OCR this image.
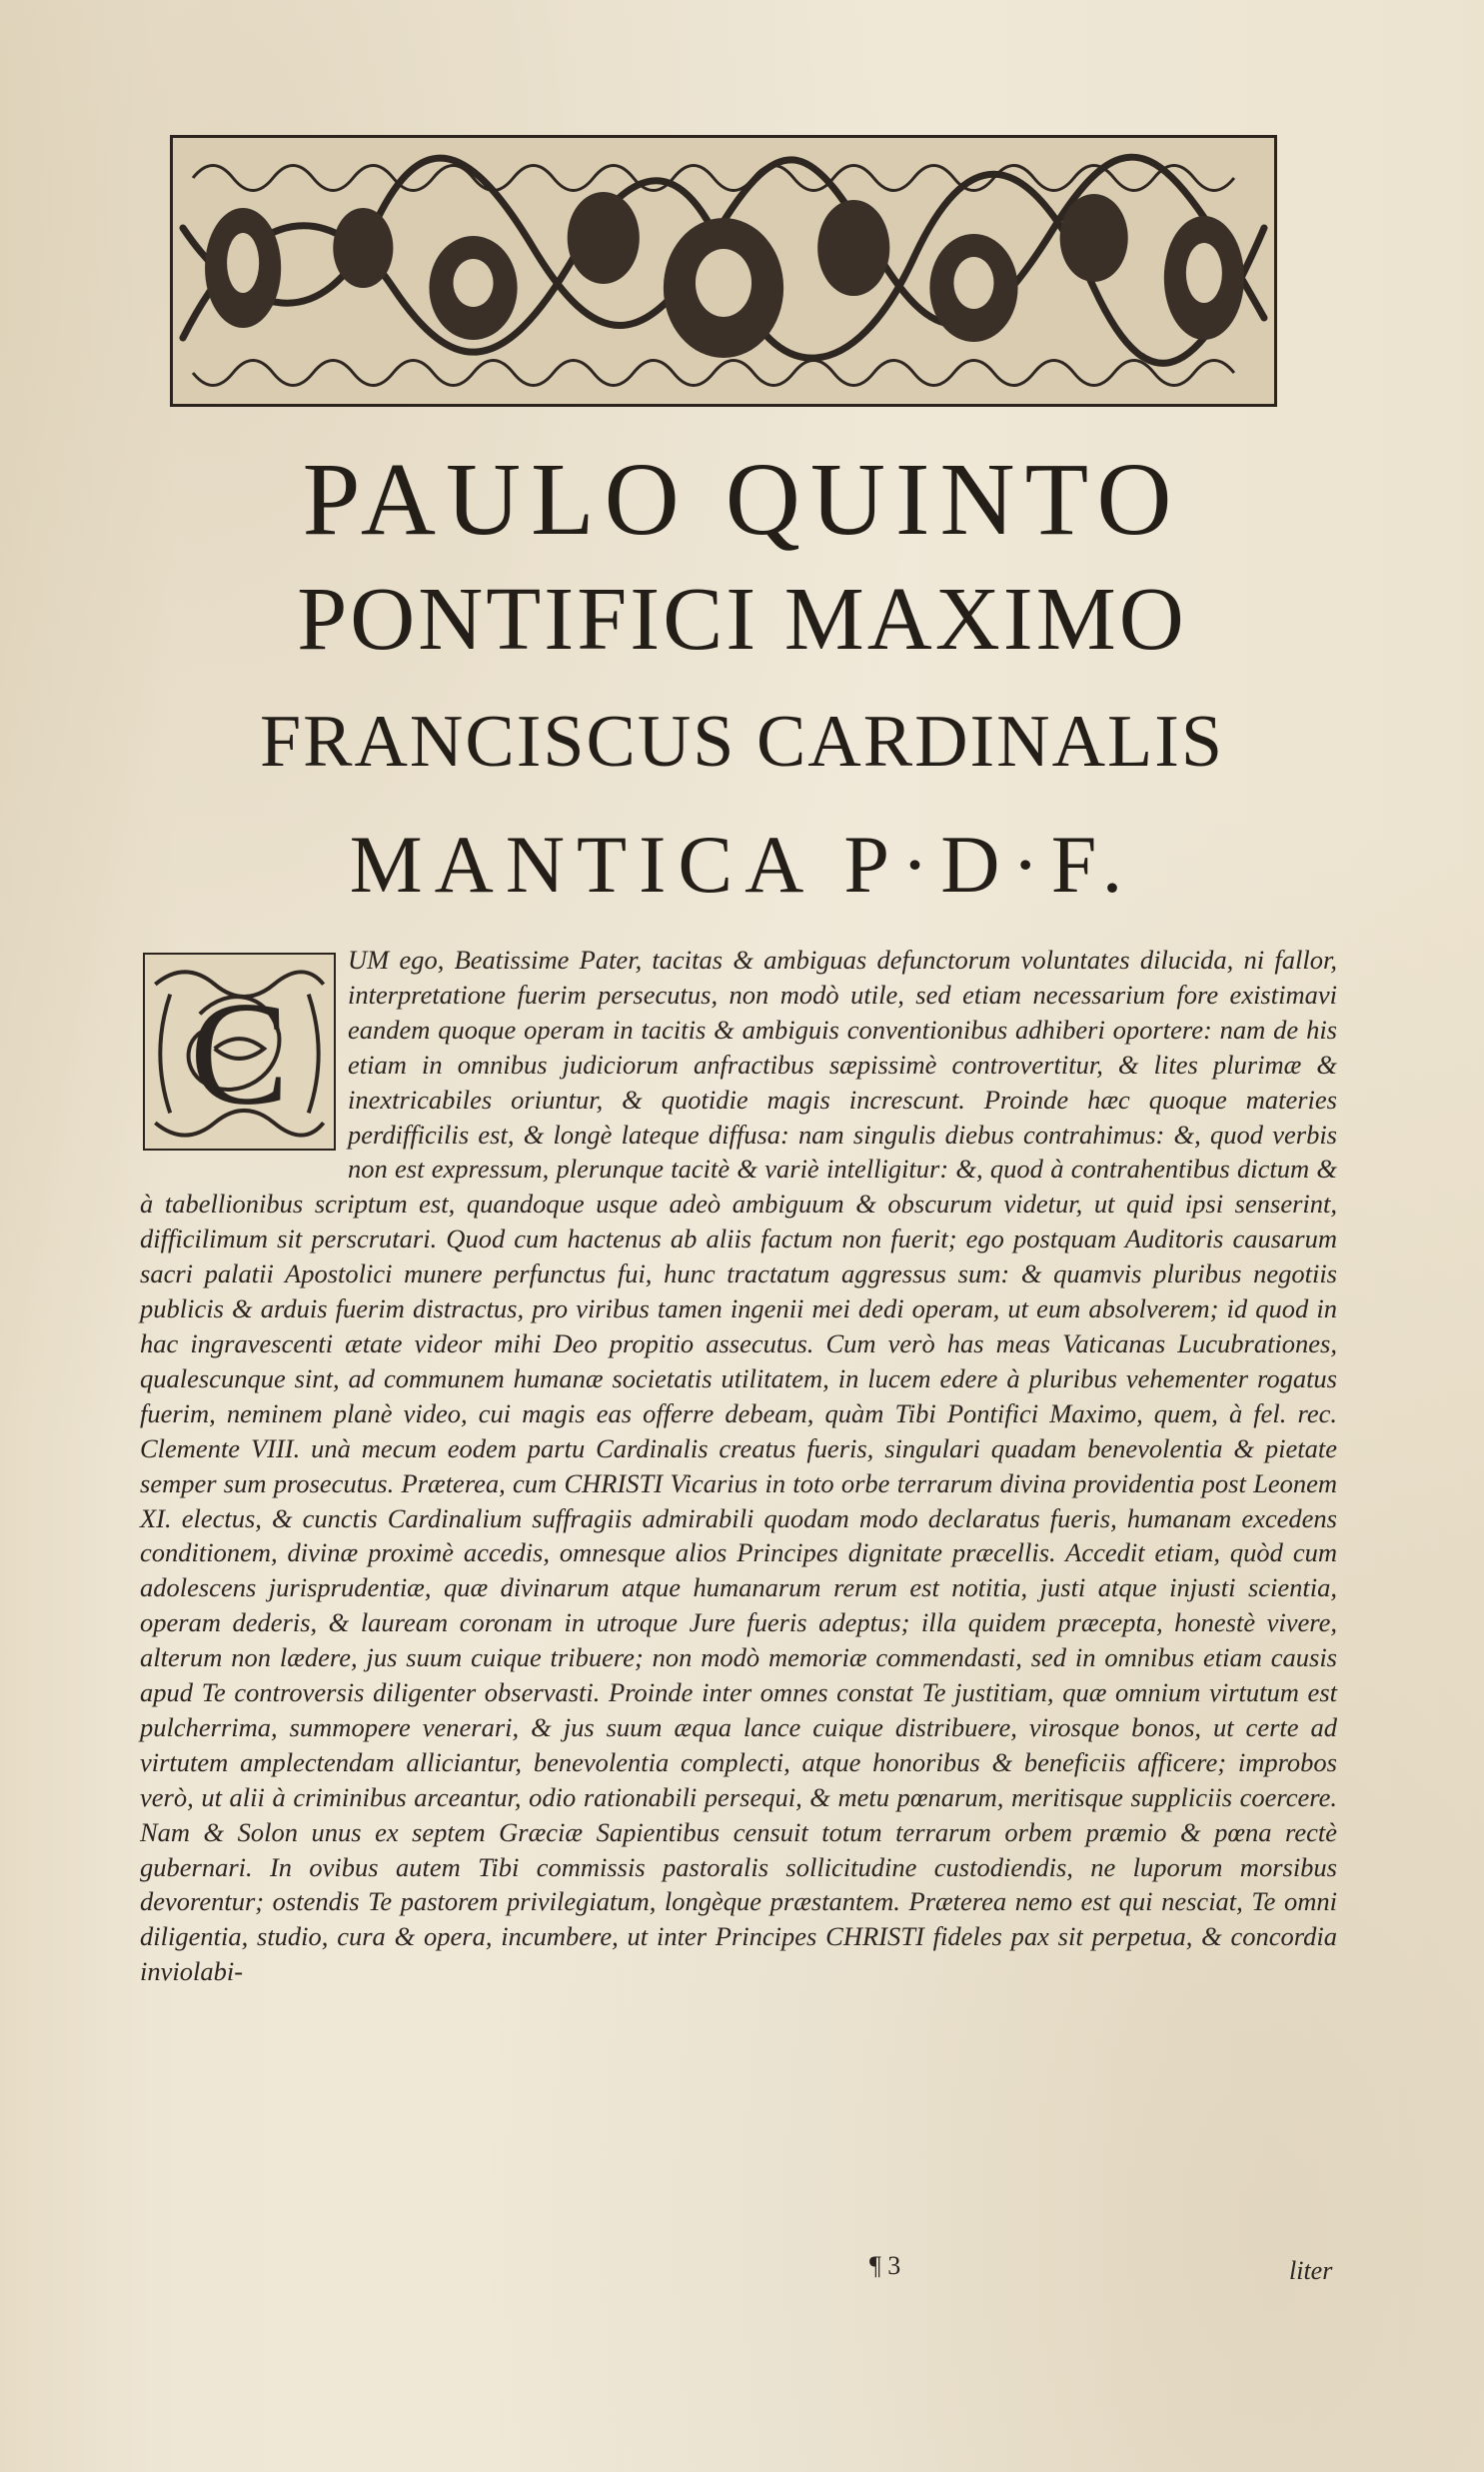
PAULO QUINTO
PONTIFICI MAXIMO
FRANCISCUS CARDINALIS
MANTICA P·D·F.
C

UM ego, Beatissime Pater, tacitas & ambiguas defunctorum voluntates dilucida, ni fallor, interpretatione fuerim persecutus, non modò utile, sed etiam necessarium fore existimavi eandem quoque operam in tacitis & ambiguis conventionibus adhiberi oportere: nam de his etiam in omnibus judiciorum anfractibus sæpissimè controvertitur, & lites plurimæ & inextricabiles oriuntur, & quotidie magis increscunt. Proinde hæc quoque materies perdifficilis est, & longè lateque diffusa: nam singulis diebus contrahimus: &, quod verbis non est expressum, plerunque tacitè & variè intelligitur: &, quod à contrahentibus dictum & à tabellionibus scriptum est, quandoque usque adeò ambiguum & obscurum videtur, ut quid ipsi senserint, difficilimum sit perscrutari. Quod cum hactenus ab aliis factum non fuerit; ego postquam Auditoris causarum sacri palatii Apostolici munere perfunctus fui, hunc tractatum aggressus sum: & quamvis pluribus negotiis publicis & arduis fuerim distractus, pro viribus tamen ingenii mei dedi operam, ut eum absolverem; id quod in hac ingravescenti ætate videor mihi Deo propitio assecutus. Cum verò has meas Vaticanas Lucubrationes, qualescunque sint, ad communem humanæ societatis utilitatem, in lucem edere à pluribus vehementer rogatus fuerim, neminem planè video, cui magis eas offerre debeam, quàm Tibi Pontifici Maximo, quem, à fel. rec. Clemente VIII. unà mecum eodem partu Cardinalis creatus fueris, singulari quadam benevolentia & pietate semper sum prosecutus. Præterea, cum CHRISTI Vicarius in toto orbe terrarum divina providentia post Leonem XI. electus, & cunctis Cardinalium suffragiis admirabili quodam modo declaratus fueris, humanam excedens conditionem, divinæ proximè accedis, omnesque alios Principes dignitate præcellis. Accedit etiam, quòd cum adolescens jurisprudentiæ, quæ divinarum atque humanarum rerum est notitia, justi atque injusti scientia, operam dederis, & lauream coronam in utroque Jure fueris adeptus; illa quidem præcepta, honestè vivere, alterum non lædere, jus suum cuique tribuere; non modò memoriæ commendasti, sed in omnibus etiam causis apud Te controversis diligenter observasti. Proinde inter omnes constat Te justitiam, quæ omnium virtutum est pulcherrima, summopere venerari, & jus suum æqua lance cuique distribuere, virosque bonos, ut certe ad virtutem amplectendam alliciantur, benevolentia complecti, atque honoribus & beneficiis afficere; improbos verò, ut alii à criminibus arceantur, odio rationabili persequi, & metu pœnarum, meritisque suppliciis coercere. Nam & Solon unus ex septem Græciæ Sapientibus censuit totum terrarum orbem præmio & pœna rectè gubernari. In ovibus autem Tibi commissis pastoralis sollicitudine custodiendis, ne luporum morsibus devorentur; ostendis Te pastorem privilegiatum, longèque præstantem. Præterea nemo est qui nesciat, Te omni diligentia, studio, cura & opera, incumbere, ut inter Principes CHRISTI fideles pax sit perpetua, & concordia inviolabi-

¶ 3	liter
